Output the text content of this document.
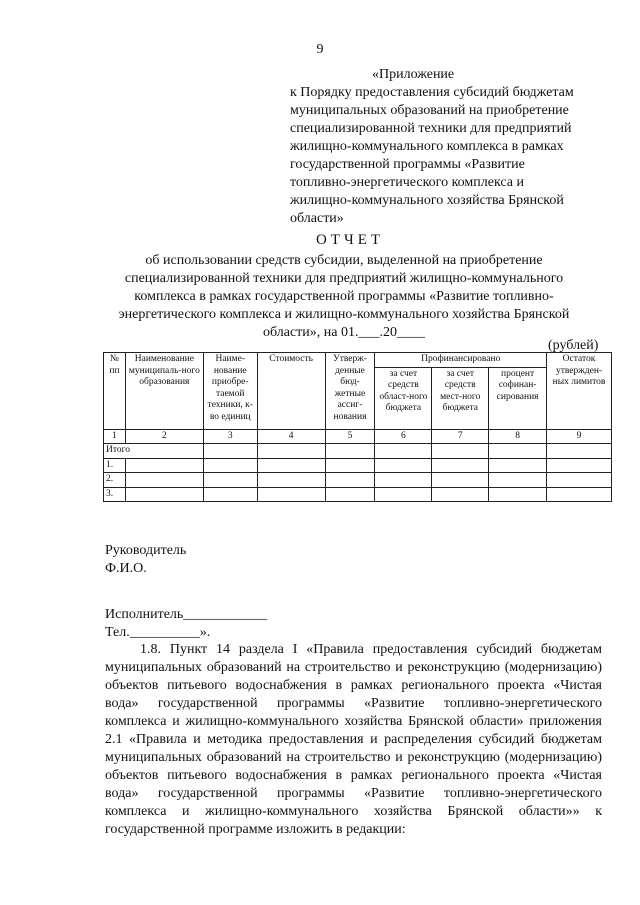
9
«Приложение
к Порядку предоставления субсидий бюджетам
муниципальных образований на приобретение
специализированной техники для предприятий
жилищно-коммунального комплекса в рамках
государственной программы «Развитие
топливно-энергетического комплекса и
жилищно-коммунального хозяйства Брянской
области»
ОТЧЕТ
об использовании средств субсидии, выделенной на приобретение
специализированной техники для предприятий жилищно-коммунального
комплекса в рамках государственной программы «Развитие топливно-
энергетического комплекса и жилищно-коммунального хозяйства Брянской
области», на 01.___.20____
(рублей)
№ пп	Наименование муниципаль-ного образования	Наиме-нование приобре-таемой техники, к-во единиц	Стоимость	Утверж-денные бюд-жетные ассиг-нования	Профинансировано			Остаток утвержден-ных лимитов
					за счет средств област-ного бюджета	за счет средств мест-ного бюджета	процент софинан-сирования	
1	2	3	4	5	6	7	8	9
Итого								
1.								
2.								
3.								
Руководитель
Ф.И.О.
Исполнитель____________
Тел.__________».

1.8. Пункт 14 раздела I «Правила предоставления субсидий бюджетам муниципальных образований на строительство и реконструкцию (модернизацию) объектов питьевого водоснабжения в рамках регионального проекта «Чистая вода» государственной программы «Развитие топливно-энергетического комплекса и жилищно-коммунального хозяйства Брянской области» приложения 2.1 «Правила и методика предоставления и распределения субсидий бюджетам муниципальных образований на строительство и реконструкцию (модернизацию) объектов питьевого водоснабжения в рамках регионального проекта «Чистая вода» государственной программы «Развитие топливно-энергетического комплекса и жилищно-коммунального хозяйства Брянской области»» к государственной программе изложить в редакции:
